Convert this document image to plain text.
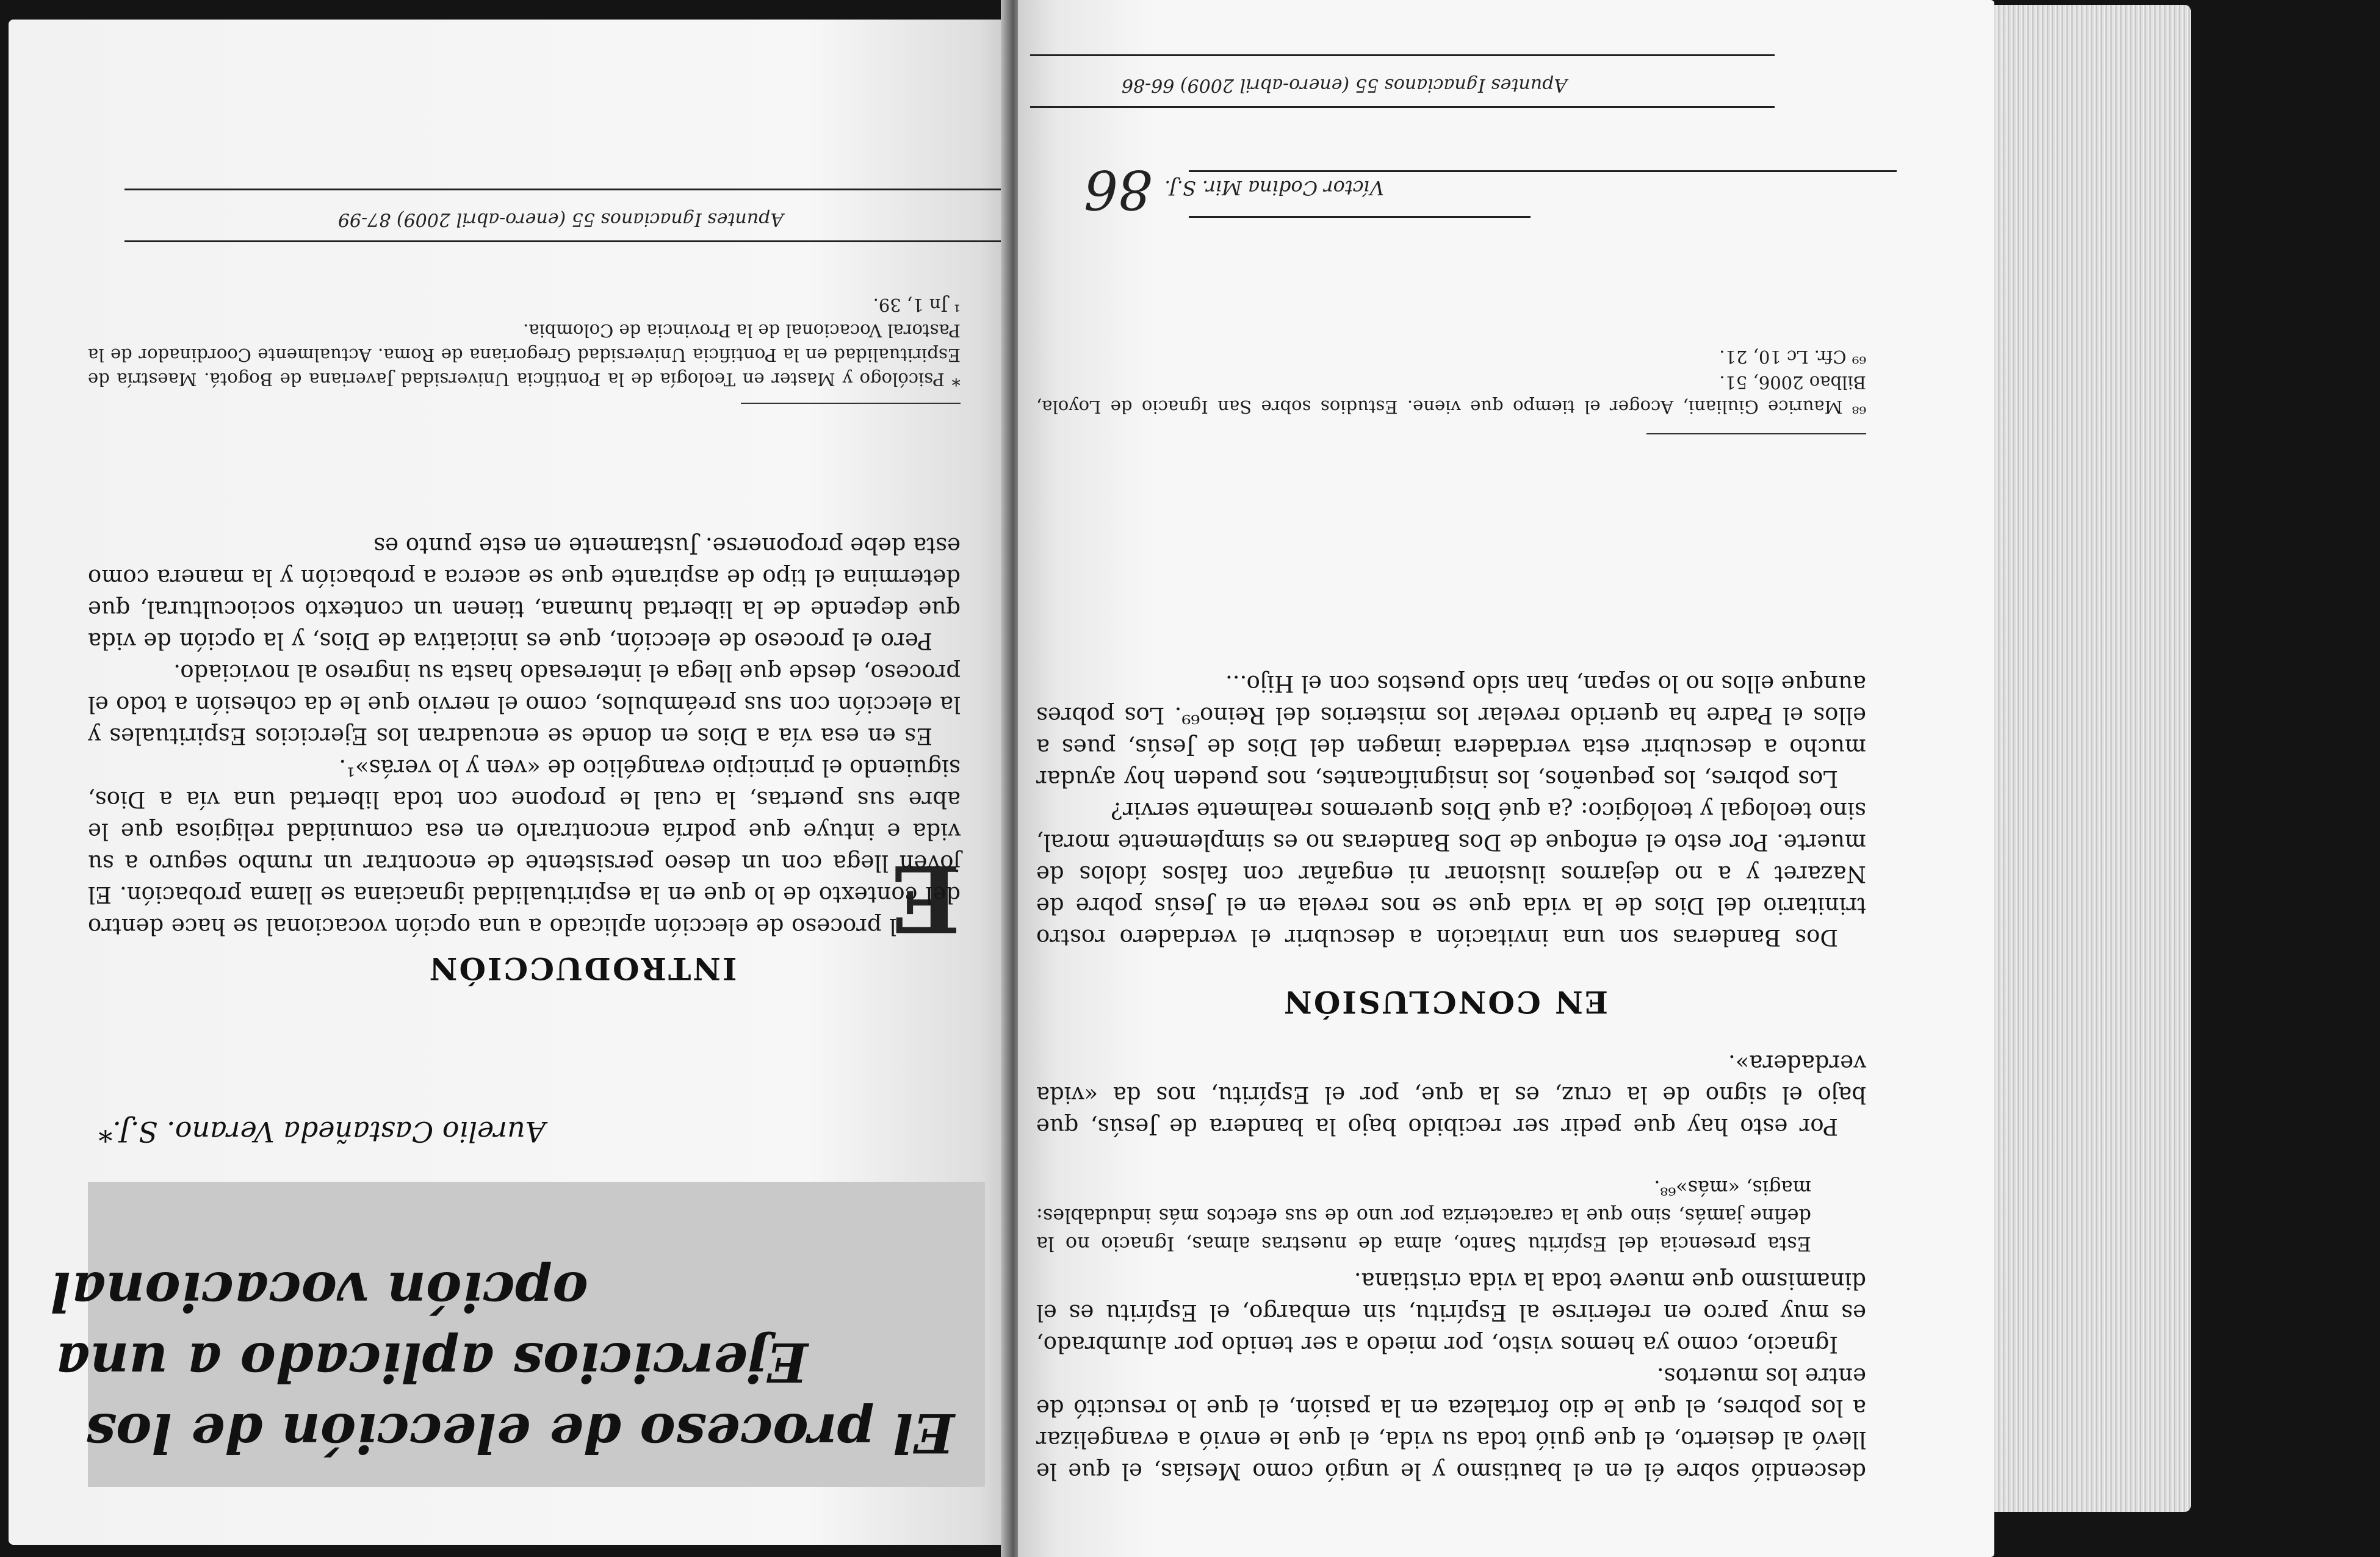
Apuntes Ignacianos 55 (enero-abril 2009) 87-99
El proceso de elección de los
Ejercicios aplicado a una
opción vocacional
Aurelio Castañeda Verano. S.J.*
INTRODUCCIÓN
E

l proceso de elección aplicado a una opción vocacional se hace dentro del contexto de lo que en la espiritualidad ignaciana se llama probación. El joven llega con un deseo persistente de encontrar un rumbo seguro a su vida e intuye que podría encontrarlo en esa comunidad religiosa que le abre sus puertas, la cual le propone con toda libertad una vía a Dios, siguiendo el principio evangélico de «ven y lo verás»¹.

Es en esa vía a Dios en donde se encuadran los Ejercicios Espirituales y la elección con sus preámbulos, como el nervio que le da cohesión a todo el proceso, desde que llega el interesado hasta su ingreso al noviciado.

Pero el proceso de elección, que es iniciativa de Dios, y la opción de vida que depende de la libertad humana, tienen un contexto sociocultural, que determina el tipo de aspirante que se acerca a probación y la manera como esta debe proponerse. Justamente en este punto es

* Psicólogo y Master en Teología de la Pontificia Universidad Javeriana de Bogotá. Maestría de Espiritualidad en la Pontificia Universidad Gregoriana de Roma. Actualmente Coordinador de la Pastoral Vocacional de la Provincia de Colombia.

¹ Jn 1, 39.

86 Víctor Codina Mir. S.J.

descendió sobre él en el bautismo y le ungió como Mesías, el que le llevó al desierto, el que guió toda su vida, el que le envió a evangelizar a los pobres, el que le dio fortaleza en la pasión, el que lo resucitó de entre los muertos.

Ignacio, como ya hemos visto, por miedo a ser tenido por alumbrado, es muy parco en referirse al Espíritu, sin embargo, el Espíritu es el dinamismo que mueve toda la vida cristiana.

Esta presencia del Espíritu Santo, alma de nuestras almas, Ignacio no la define jamás, sino que la caracteriza por uno de sus efectos más indudables: magis, «más»⁶⁸.

Por esto hay que pedir ser recibido bajo la bandera de Jesús, que bajo el signo de la cruz, es la que, por el Espíritu, nos da «vida verdadera».

EN CONCLUSIÓN

Dos Banderas son una invitación a descubrir el verdadero rostro trinitario del Dios de la vida que se nos revela en el Jesús pobre de Nazaret y a no dejarnos ilusionar ni engañar con falsos ídolos de muerte. Por esto el enfoque de Dos Banderas no es simplemente moral, sino teologal y teológico: ¿a qué Dios queremos realmente servir?

Los pobres, los pequeños, los insignificantes, nos pueden hoy ayudar mucho a descubrir esta verdadera imagen del Dios de Jesús, pues a ellos el Padre ha querido revelar los misterios del Reino⁶⁹. Los pobres aunque ellos no lo sepan, han sido puestos con el Hijo...

⁶⁸ Maurice Giuliani, Acoger el tiempo que viene. Estudios sobre San Ignacio de Loyola, Bilbao 2006, 51.

⁶⁹ Cfr. Lc 10, 21.

Apuntes Ignacianos 55 (enero-abril 2009) 66-86
